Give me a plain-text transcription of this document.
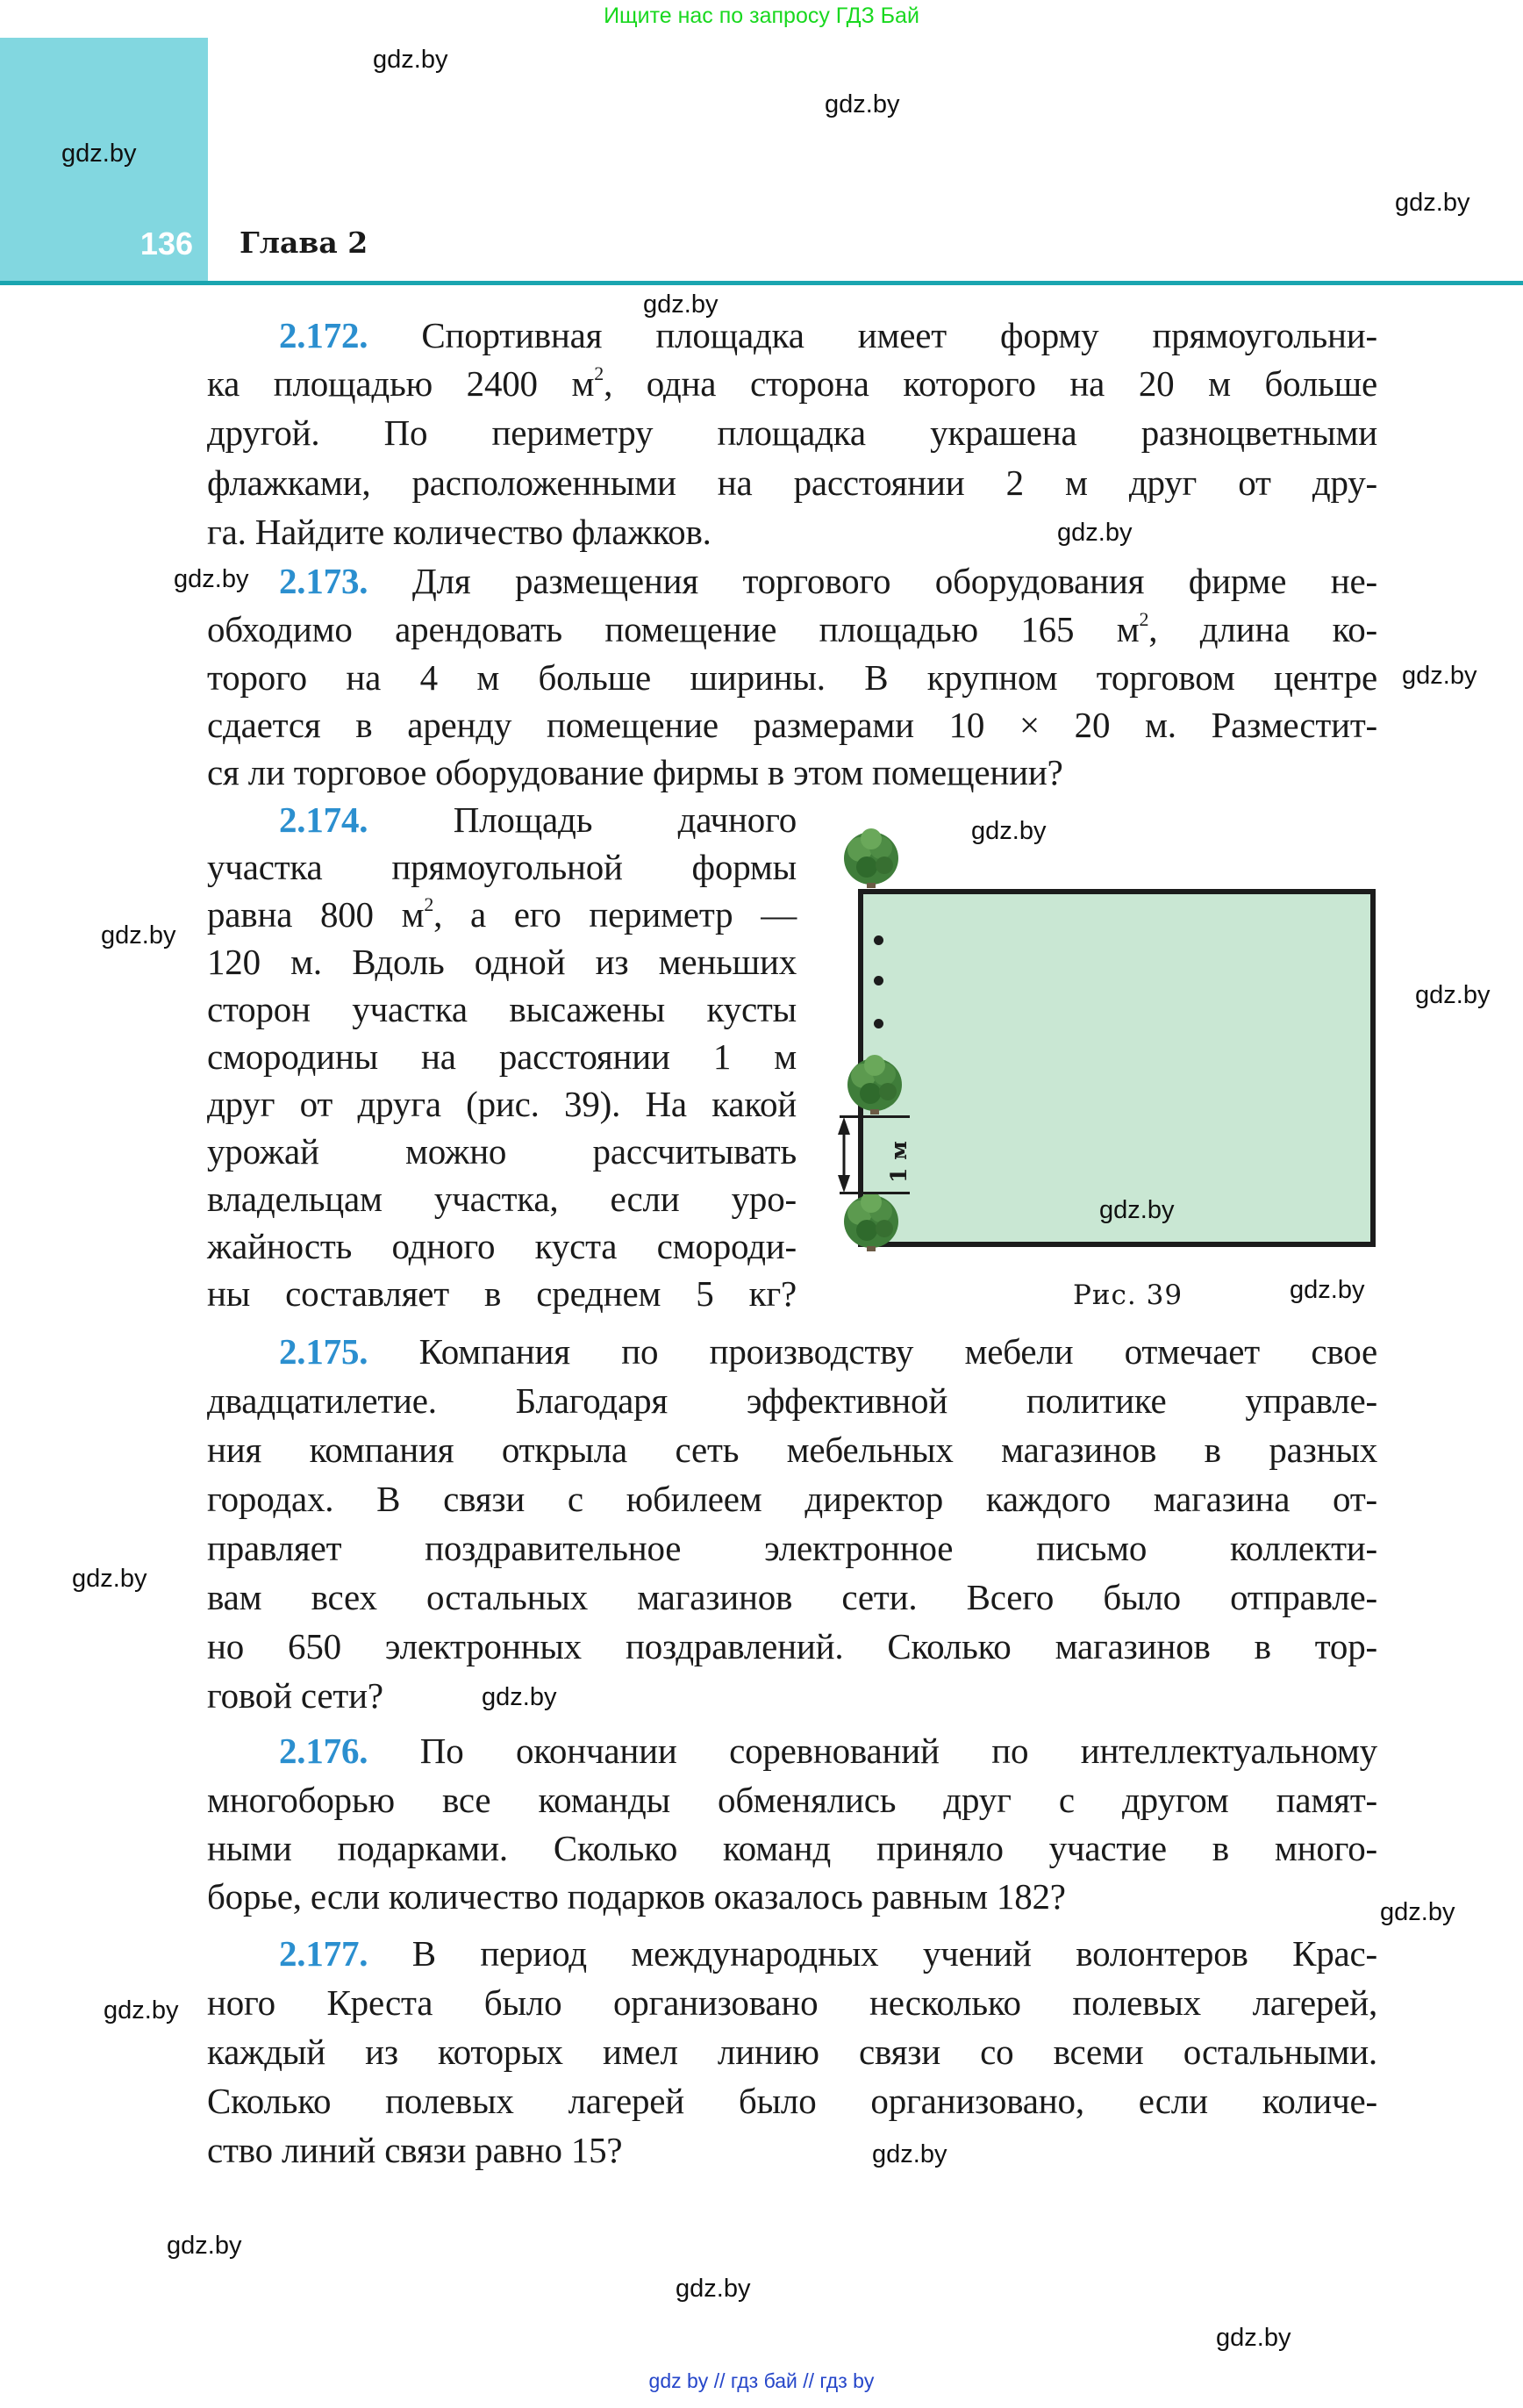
Ищите нас по запросу ГДЗ Бай
136 Глава 2
2.172. Спортивная площадка имеет форму прямоугольни-
ка площадью 2400 $м^2$, одна сторона которого на 20 м больше
другой. По периметру площадка украшена разноцветными
флажками, расположенными на расстоянии 2 м друг от дру-
га. Найдите количество флажков.
2.173. Для размещения торгового оборудования фирме не-
обходимо арендовать помещение площадью 165 $м^2$, длина ко-
торого на 4 м больше ширины. В крупном торговом центре
сдается в аренду помещение размерами 10 × 20 м. Разместит-
ся ли торговое оборудование фирмы в этом помещении?
2.174. Площадь дачного
участка прямоугольной формы
равна 800 $м^2$, а его периметр —
120 м. Вдоль одной из меньших
сторон участка высажены кусты
смородины на расстоянии 1 м
друг от друга (рис. 39). На какой
урожай можно рассчитывать
владельцам участка, если уро-
жайность одного куста смороди-
ны составляет в среднем 5 кг?
1 м
Рис. 39
2.175. Компания по производству мебели отмечает свое
двадцатилетие. Благодаря эффективной политике управле-
ния компания открыла сеть мебельных магазинов в разных
городах. В связи с юбилеем директор каждого магазина от-
правляет поздравительное электронное письмо коллекти-
вам всех остальных магазинов сети. Всего было отправле-
но 650 электронных поздравлений. Сколько магазинов в тор-
говой сети?
2.176. По окончании соревнований по интеллектуальному
многоборью все команды обменялись друг с другом памят-
ными подарками. Сколько команд приняло участие в много-
борье, если количество подарков оказалось равным 182?
2.177. В период международных учений волонтеров Крас-
ного Креста было организовано несколько полевых лагерей,
каждый из которых имел линию связи со всеми остальными.
Сколько полевых лагерей было организовано, если количе-
ство линий связи равно 15?
gdz.by
gdz.by
gdz.by
gdz.by
gdz.by
gdz.by
gdz.by
gdz.by
gdz.by
gdz.by
gdz.by
gdz.by
gdz.by
gdz.by
gdz.by
gdz.by
gdz.by
gdz.by
gdz.by
gdz.by
gdz.by
gdz by // гдз бай // гдз by
